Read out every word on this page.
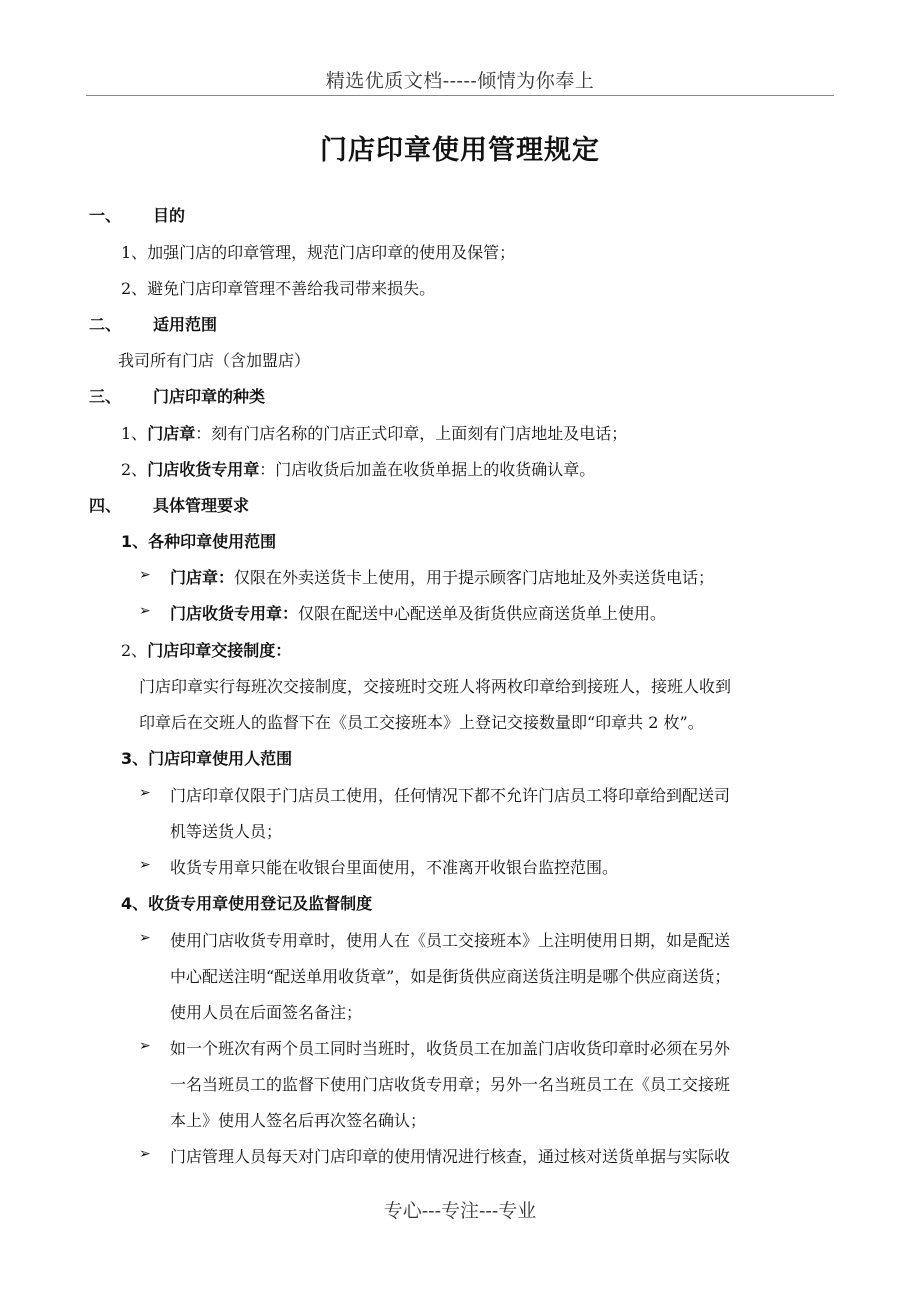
精选优质文档-----倾情为你奉上
门店印章使用管理规定
一、 目的
1、加强门店的印章管理，规范门店印章的使用及保管；
2、避免门店印章管理不善给我司带来损失。
二、 适用范围
我司所有门店（含加盟店）
三、 门店印章的种类
1、门店章：刻有门店名称的门店正式印章，上面刻有门店地址及电话；
2、门店收货专用章：门店收货后加盖在收货单据上的收货确认章。
四、 具体管理要求
1、各种印章使用范围
➢ 门店章：仅限在外卖送货卡上使用，用于提示顾客门店地址及外卖送货电话；
➢ 门店收货专用章：仅限在配送中心配送单及街货供应商送货单上使用。
2、门店印章交接制度：
门店印章实行每班次交接制度，交接班时交班人将两枚印章给到接班人，接班人收到
印章后在交班人的监督下在《员工交接班本》上登记交接数量即“印章共 2 枚”。
3、门店印章使用人范围
➢ 门店印章仅限于门店员工使用，任何情况下都不允许门店员工将印章给到配送司
机等送货人员；
➢ 收货专用章只能在收银台里面使用，不准离开收银台监控范围。
4、收货专用章使用登记及监督制度
➢ 使用门店收货专用章时，使用人在《员工交接班本》上注明使用日期，如是配送
中心配送注明“配送单用收货章”，如是街货供应商送货注明是哪个供应商送货；
使用人员在后面签名备注；
➢ 如一个班次有两个员工同时当班时，收货员工在加盖门店收货印章时必须在另外
一名当班员工的监督下使用门店收货专用章；另外一名当班员工在《员工交接班
本上》使用人签名后再次签名确认；
➢ 门店管理人员每天对门店印章的使用情况进行核查，通过核对送货单据与实际收
专心---专注---专业
